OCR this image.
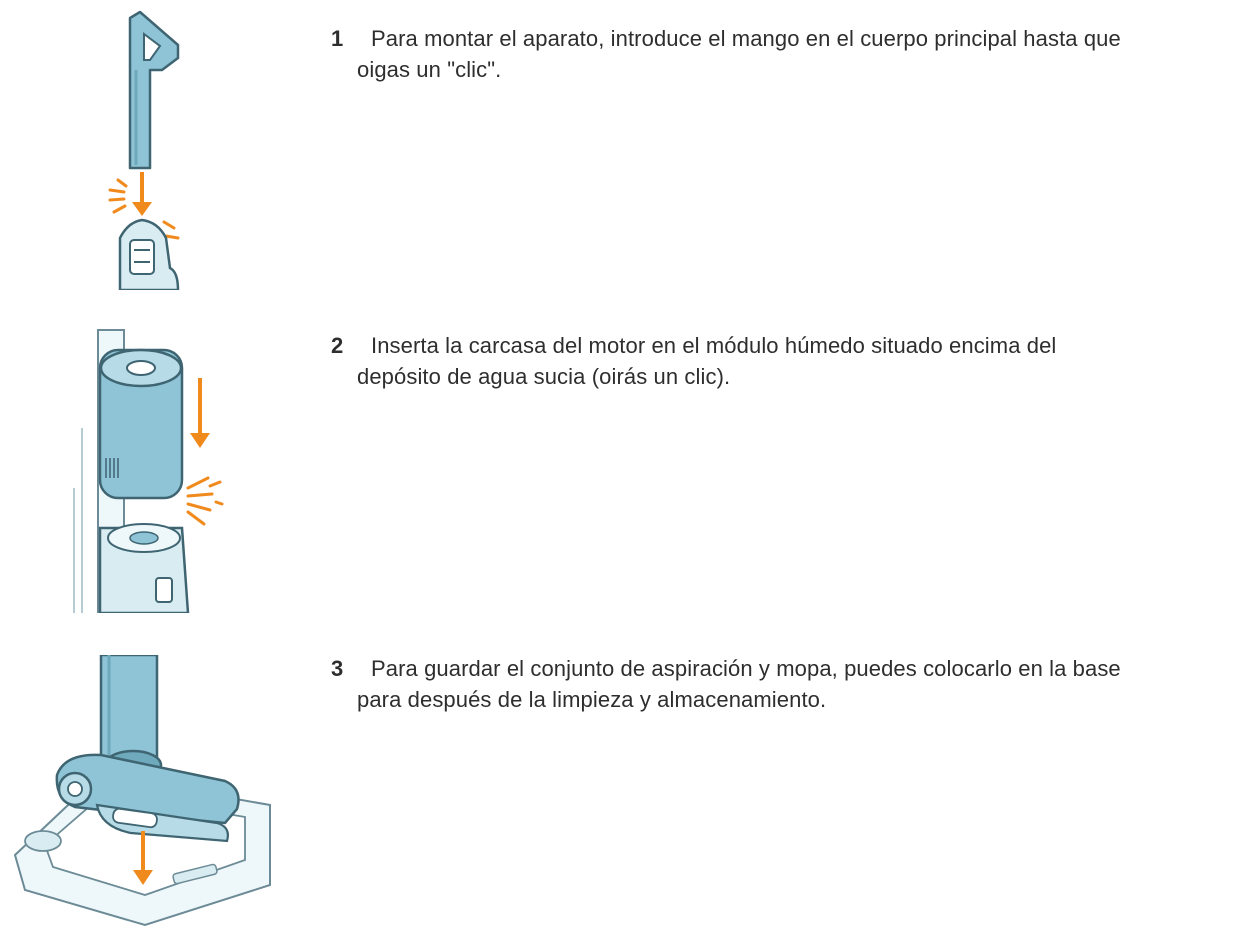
1 Para montar el aparato, introduce el mango en el cuerpo principal hasta que
oigas un "clic".
2 Inserta la carcasa del motor en el módulo húmedo situado encima del
depósito de agua sucia (oirás un clic).
3 Para guardar el conjunto de aspiración y mopa, puedes colocarlo en la base
para después de la limpieza y almacenamiento.
